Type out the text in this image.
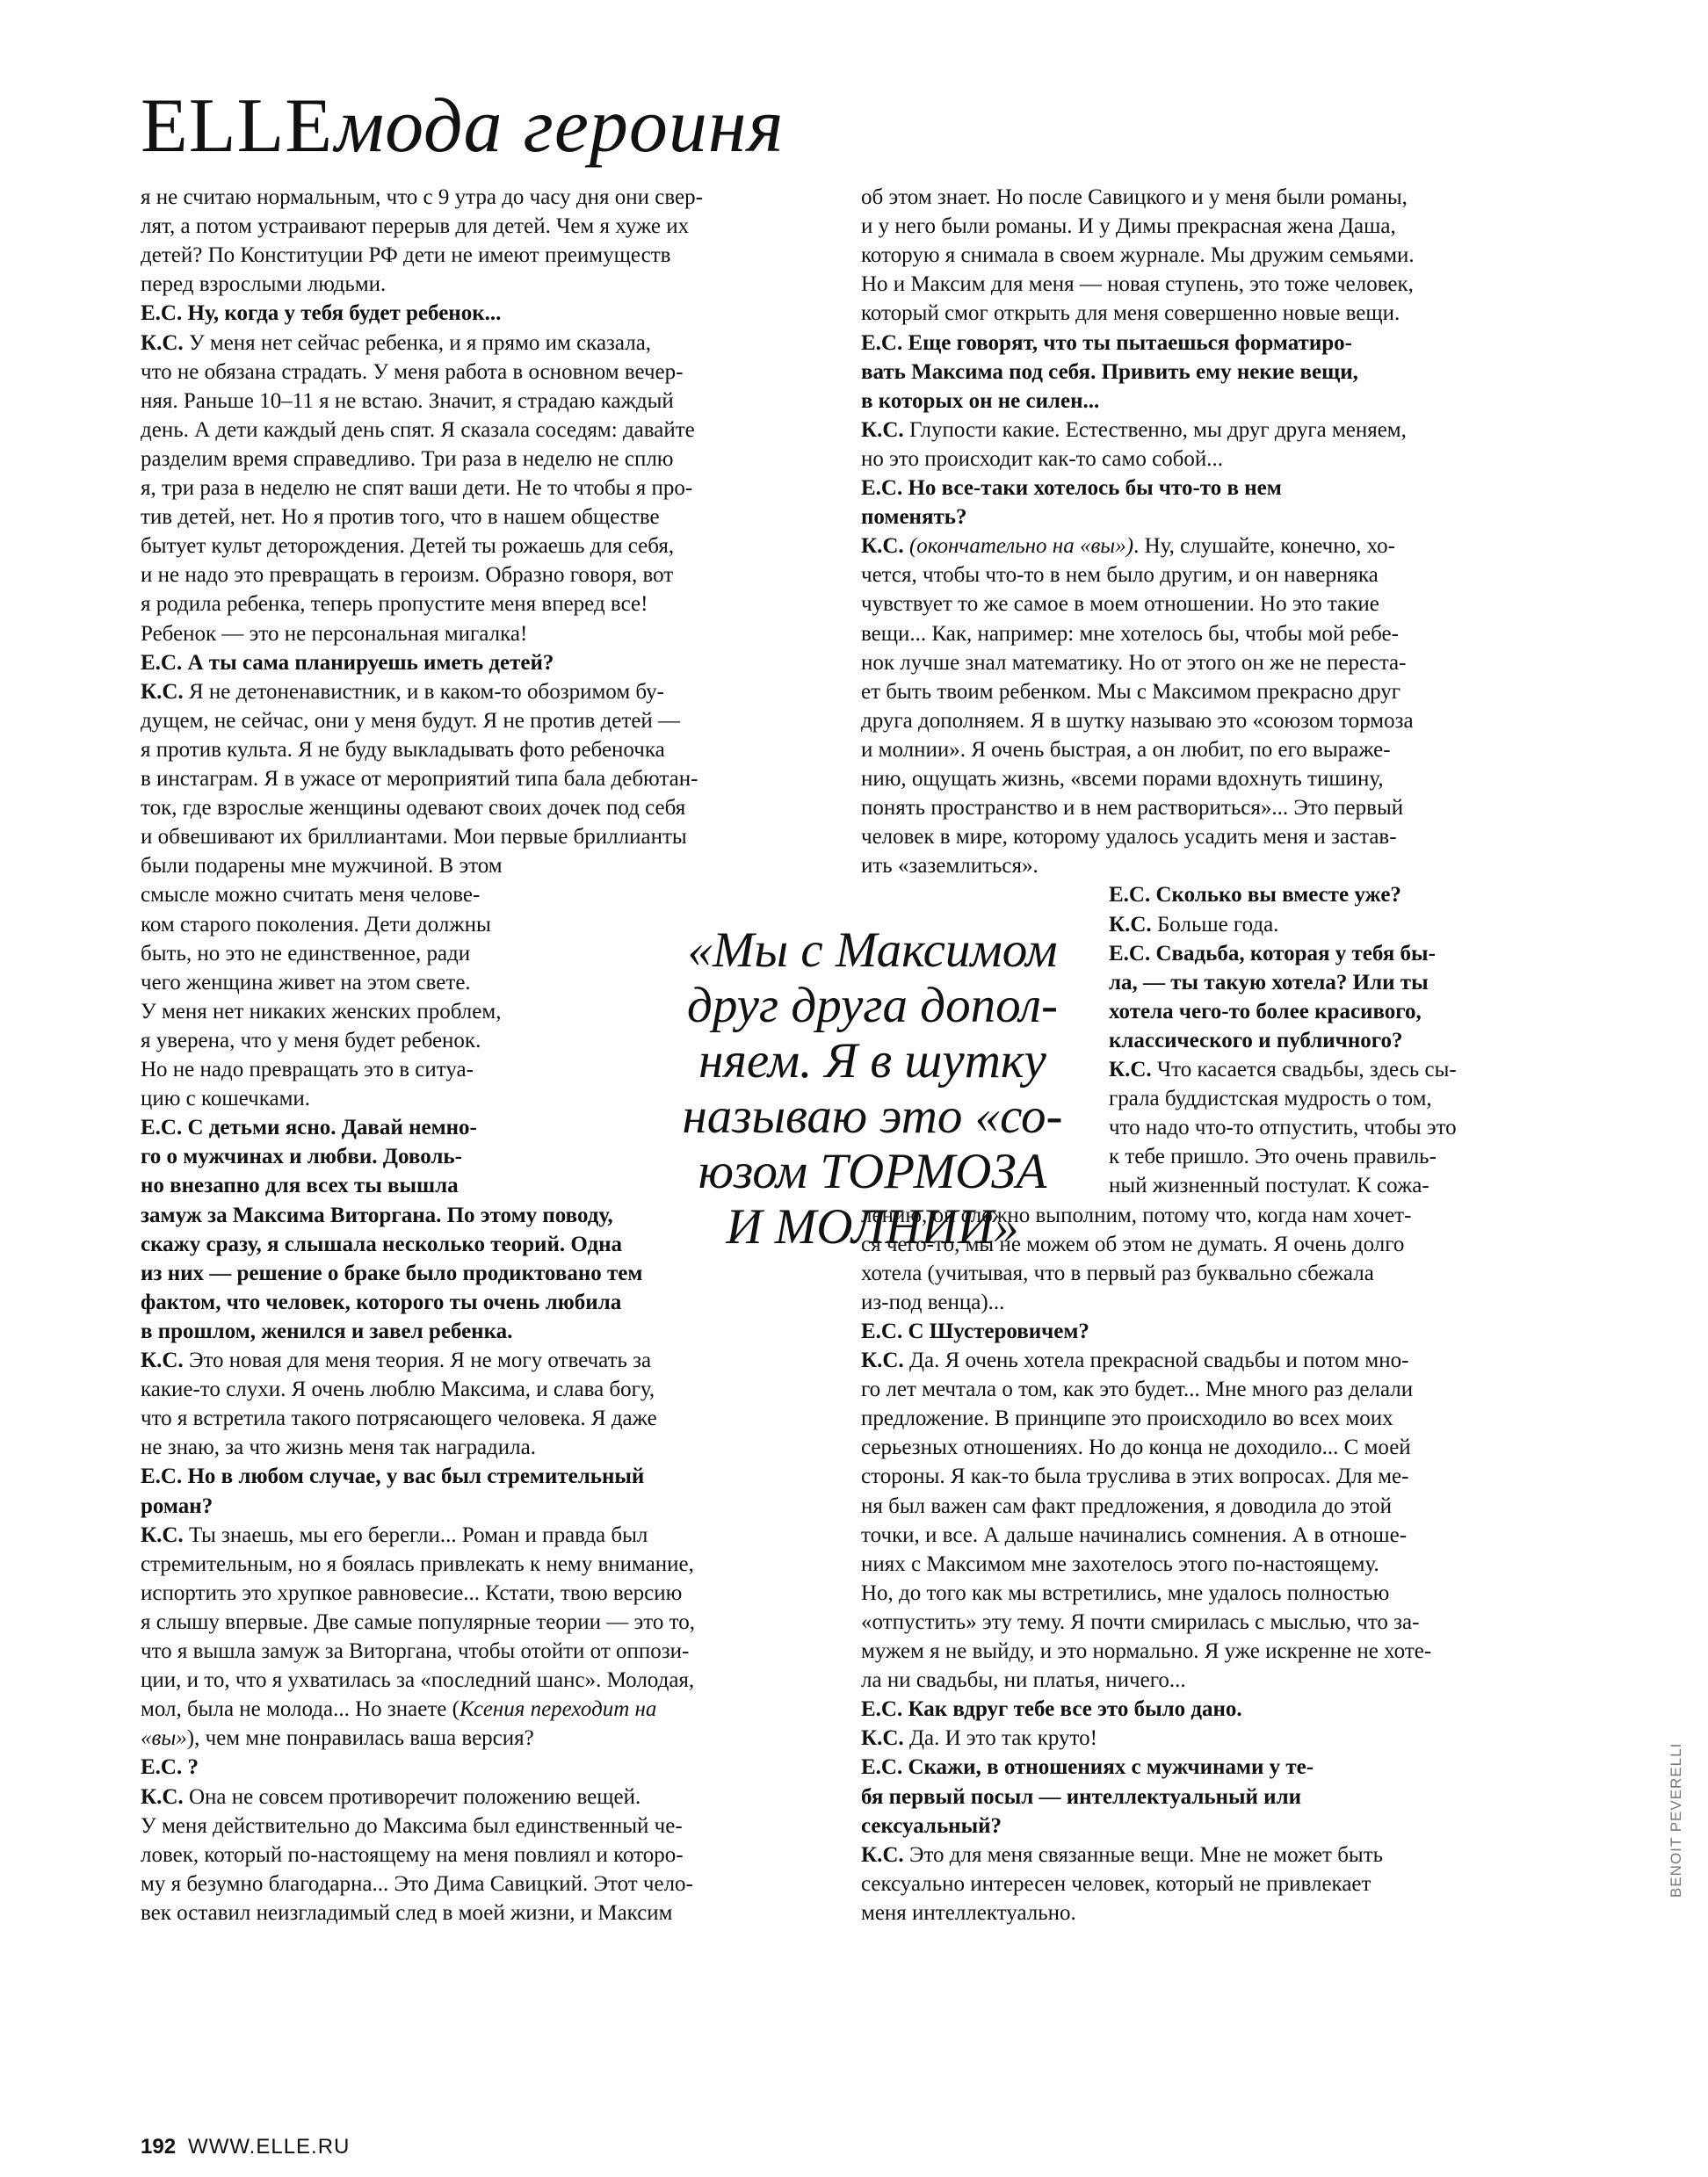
ELLEмода героиня
я не считаю нормальным, что с 9 утра до часу дня они свер-
лят, а потом устраивают перерыв для детей. Чем я хуже их
детей? По Конституции РФ дети не имеют преимуществ
перед взрослыми людьми.
Е.С. Ну, когда у тебя будет ребенок...
К.С. У меня нет сейчас ребенка, и я прямо им сказала,
что не обязана страдать. У меня работа в основном вечер-
няя. Раньше 10–11 я не встаю. Значит, я страдаю каждый
день. А дети каждый день спят. Я сказала соседям: давайте
разделим время справедливо. Три раза в неделю не сплю
я, три раза в неделю не спят ваши дети. Не то чтобы я про-
тив детей, нет. Но я против того, что в нашем обществе
бытует культ деторождения. Детей ты рожаешь для себя,
и не надо это превращать в героизм. Образно говоря, вот
я родила ребенка, теперь пропустите меня вперед все!
Ребенок — это не персональная мигалка!
Е.С. А ты сама планируешь иметь детей?
К.С. Я не детоненавистник, и в каком-то обозримом бу-
дущем, не сейчас, они у меня будут. Я не против детей —
я против культа. Я не буду выкладывать фото ребеночка
в инстаграм. Я в ужасе от мероприятий типа бала дебютан-
ток, где взрослые женщины одевают своих дочек под себя
и обвешивают их бриллиантами. Мои первые бриллианты
были подарены мне мужчиной. В этом
смысле можно считать меня челове-
ком старого поколения. Дети должны
быть, но это не единственное, ради
чего женщина живет на этом свете.
У меня нет никаких женских проблем,
я уверена, что у меня будет ребенок.
Но не надо превращать это в ситуа-
цию с кошечками.
Е.С. С детьми ясно. Давай немно-
го о мужчинах и любви. Доволь-
но внезапно для всех ты вышла
замуж за Максима Виторгана. По этому поводу,
скажу сразу, я слышала несколько теорий. Одна
из них — решение о браке было продиктовано тем
фактом, что человек, которого ты очень любила
в прошлом, женился и завел ребенка.
К.С. Это новая для меня теория. Я не могу отвечать за
какие-то слухи. Я очень люблю Максима, и слава богу,
что я встретила такого потрясающего человека. Я даже
не знаю, за что жизнь меня так наградила.
Е.С. Но в любом случае, у вас был стремительный
роман?
К.С. Ты знаешь, мы его берегли... Роман и правда был
стремительным, но я боялась привлекать к нему внимание,
испортить это хрупкое равновесие... Кстати, твою версию
я слышу впервые. Две самые популярные теории — это то,
что я вышла замуж за Виторгана, чтобы отойти от оппози-
ции, и то, что я ухватилась за «последний шанс». Молодая,
мол, была не молода... Но знаете (Ксения переходит на
«вы»), чем мне понравилась ваша версия?
Е.С. ?
К.С. Она не совсем противоречит положению вещей.
У меня действительно до Максима был единственный че-
ловек, который по-настоящему на меня повлиял и которо-
му я безумно благодарна... Это Дима Савицкий. Этот чело-
век оставил неизгладимый след в моей жизни, и Максим
об этом знает. Но после Савицкого и у меня были романы,
и у него были романы. И у Димы прекрасная жена Даша,
которую я снимала в своем журнале. Мы дружим семьями.
Но и Максим для меня — новая ступень, это тоже человек,
который смог открыть для меня совершенно новые вещи.
Е.С. Еще говорят, что ты пытаешься форматиро-
вать Максима под себя. Привить ему некие вещи,
в которых он не силен...
К.С. Глупости какие. Естественно, мы друг друга меняем,
но это происходит как-то само собой...
Е.С. Но все-таки хотелось бы что-то в нем
поменять?
К.С. (окончательно на «вы»). Ну, слушайте, конечно, хо-
чется, чтобы что-то в нем было другим, и он наверняка
чувствует то же самое в моем отношении. Но это такие
вещи... Как, например: мне хотелось бы, чтобы мой ребе-
нок лучше знал математику. Но от этого он же не переста-
ет быть твоим ребенком. Мы с Максимом прекрасно друг
друга дополняем. Я в шутку называю это «союзом тормоза
и молнии». Я очень быстрая, а он любит, по его выраже-
нию, ощущать жизнь, «всеми порами вдохнуть тишину,
понять пространство и в нем раствориться»... Это первый
человек в мире, которому удалось усадить меня и застав-
ить «заземлиться».
Е.С. Сколько вы вместе уже?
К.С. Больше года.
Е.С. Свадьба, которая у тебя бы-
ла, — ты такую хотела? Или ты
хотела чего-то более красивого,
классического и публичного?
К.С. Что касается свадьбы, здесь сы-
грала буддистская мудрость о том,
что надо что-то отпустить, чтобы это
к тебе пришло. Это очень правиль-
ный жизненный постулат. К сожа-
лению, он сложно выполним, потому что, когда нам хочет-
ся чего-то, мы не можем об этом не думать. Я очень долго
хотела (учитывая, что в первый раз буквально сбежала
из-под венца)...
Е.С. С Шустеровичем?
К.С. Да. Я очень хотела прекрасной свадьбы и потом мно-
го лет мечтала о том, как это будет... Мне много раз делали
предложение. В принципе это происходило во всех моих
серьезных отношениях. Но до конца не доходило... С моей
стороны. Я как-то была труслива в этих вопросах. Для ме-
ня был важен сам факт предложения, я доводила до этой
точки, и все. А дальше начинались сомнения. А в отноше-
ниях с Максимом мне захотелось этого по-настоящему.
Но, до того как мы встретились, мне удалось полностью
«отпустить» эту тему. Я почти смирилась с мыслью, что за-
мужем я не выйду, и это нормально. Я уже искренне не хоте-
ла ни свадьбы, ни платья, ничего...
Е.С. Как вдруг тебе все это было дано.
К.С. Да. И это так круто!
Е.С. Скажи, в отношениях с мужчинами у те-
бя первый посыл — интеллектуальный или
сексуальный?
К.С. Это для меня связанные вещи. Мне не может быть
сексуально интересен человек, который не привлекает
меня интеллектуально.
«Мы с Максимом
друг друга допол-
няем. Я в шутку
называю это «со-
юзом ТОРМОЗА
И МОЛНИИ»
192 WWW.ELLE.RU
BENOIT PEVERELLI
